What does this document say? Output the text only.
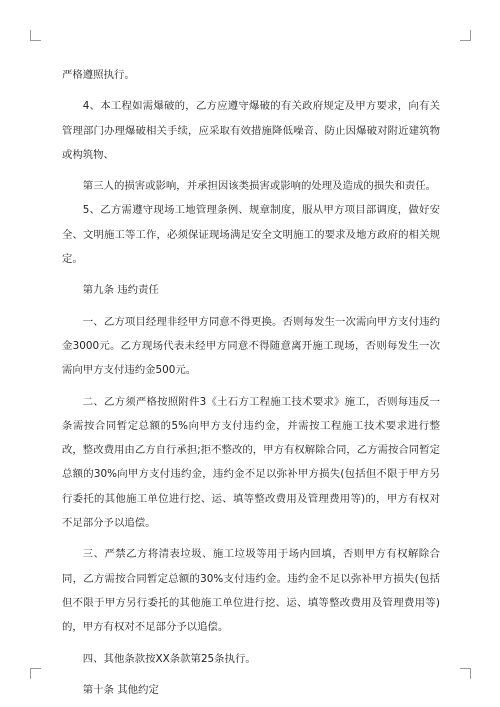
严格遵照执行。

4、本工程如需爆破的，乙方应遵守爆破的有关政府规定及甲方要求，向有关管理部门办理爆破相关手续，应采取有效措施降低噪音、防止因爆破对附近建筑物或构筑物、

第三人的损害或影响，并承担因该类损害或影响的处理及造成的损失和责任。

5、乙方需遵守现场工地管理条例、规章制度，服从甲方项目部调度，做好安全、文明施工等工作，必须保证现场满足安全文明施工的要求及地方政府的相关规定。

第九条 违约责任

一、乙方项目经理非经甲方同意不得更换。否则每发生一次需向甲方支付违约金3000元。乙方现场代表未经甲方同意不得随意离开施工现场，否则每发生一次需向甲方支付违约金500元。

二、乙方须严格按照附件3《土石方工程施工技术要求》施工，否则每违反一条需按合同暂定总额的5%向甲方支付违约金，并需按工程施工技术要求进行整改，整改费用由乙方自行承担;拒不整改的，甲方有权解除合同，乙方需按合同暂定总额的30%向甲方支付违约金，违约金不足以弥补甲方损失(包括但不限于甲方另行委托的其他施工单位进行挖、运、填等整改费用及管理费用等)的，甲方有权对不足部分予以追偿。

三、严禁乙方将清表垃圾、施工垃圾等用于场内回填，否则甲方有权解除合同，乙方需按合同暂定总额的30%支付违约金。违约金不足以弥补甲方损失(包括但不限于甲方另行委托的其他施工单位进行挖、运、填等整改费用及管理费用等)的，甲方有权对不足部分予以追偿。

四、其他条款按XX条款第25条执行。

第十条 其他约定
